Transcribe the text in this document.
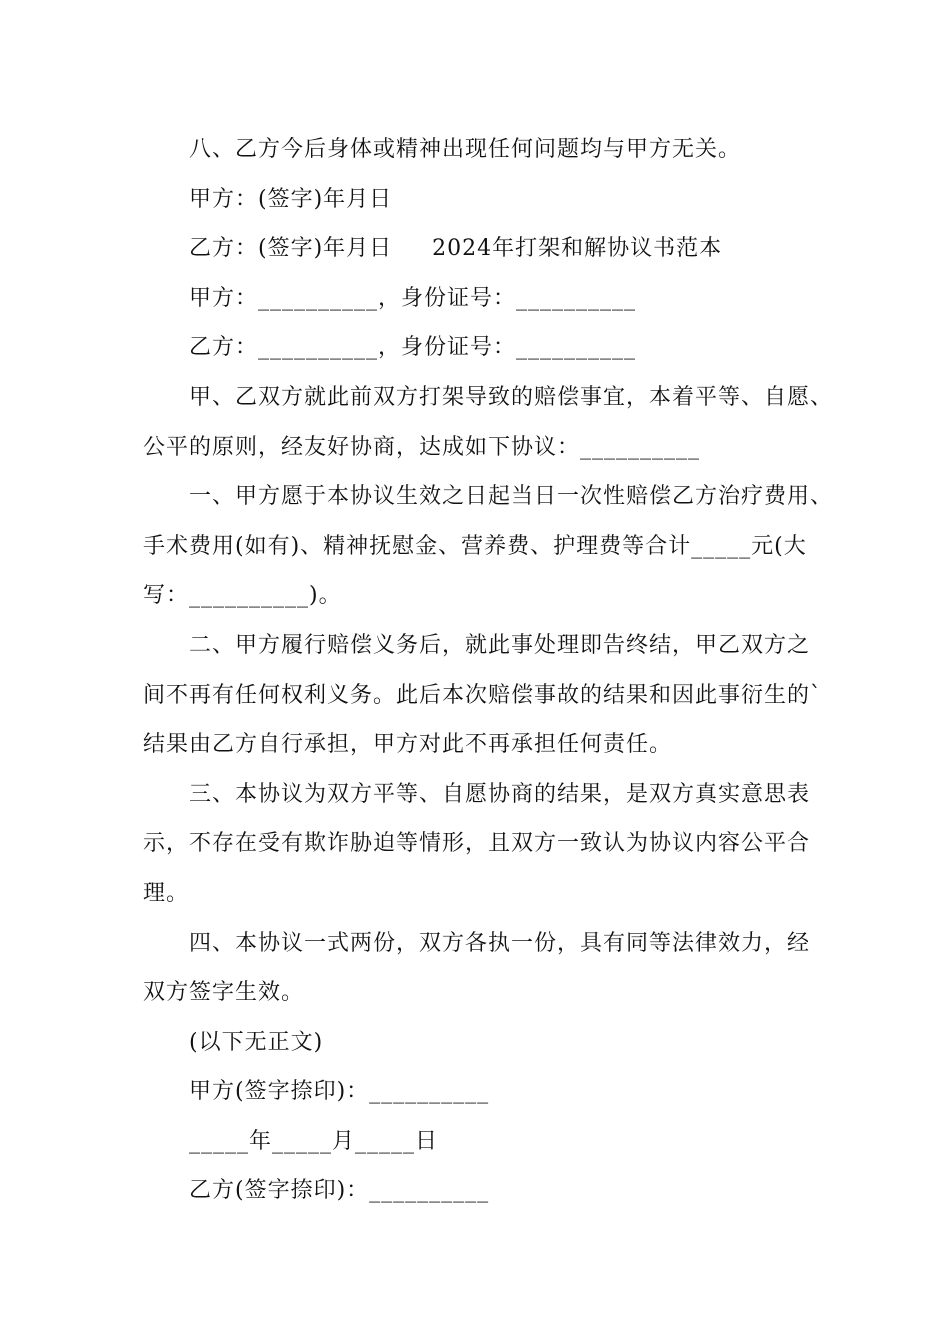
八、乙方今后身体或精神出现任何问题均与甲方无关。
甲方：(签字)年月日
乙方：(签字)年月日 2024年打架和解协议书范本
甲方：__________，身份证号：__________
乙方：__________，身份证号：__________
甲、乙双方就此前双方打架导致的赔偿事宜，本着平等、自愿、
公平的原则，经友好协商，达成如下协议：__________
一、甲方愿于本协议生效之日起当日一次性赔偿乙方治疗费用、
手术费用(如有)、精神抚慰金、营养费、护理费等合计_____元(大
写：__________)。
二、甲方履行赔偿义务后，就此事处理即告终结，甲乙双方之
间不再有任何权利义务。此后本次赔偿事故的结果和因此事衍生的`
结果由乙方自行承担，甲方对此不再承担任何责任。
三、本协议为双方平等、自愿协商的结果，是双方真实意思表
示，不存在受有欺诈胁迫等情形，且双方一致认为协议内容公平合
理。
四、本协议一式两份，双方各执一份，具有同等法律效力，经
双方签字生效。
(以下无正文)
甲方(签字捺印)：__________
_____年_____月_____日
乙方(签字捺印)：__________
